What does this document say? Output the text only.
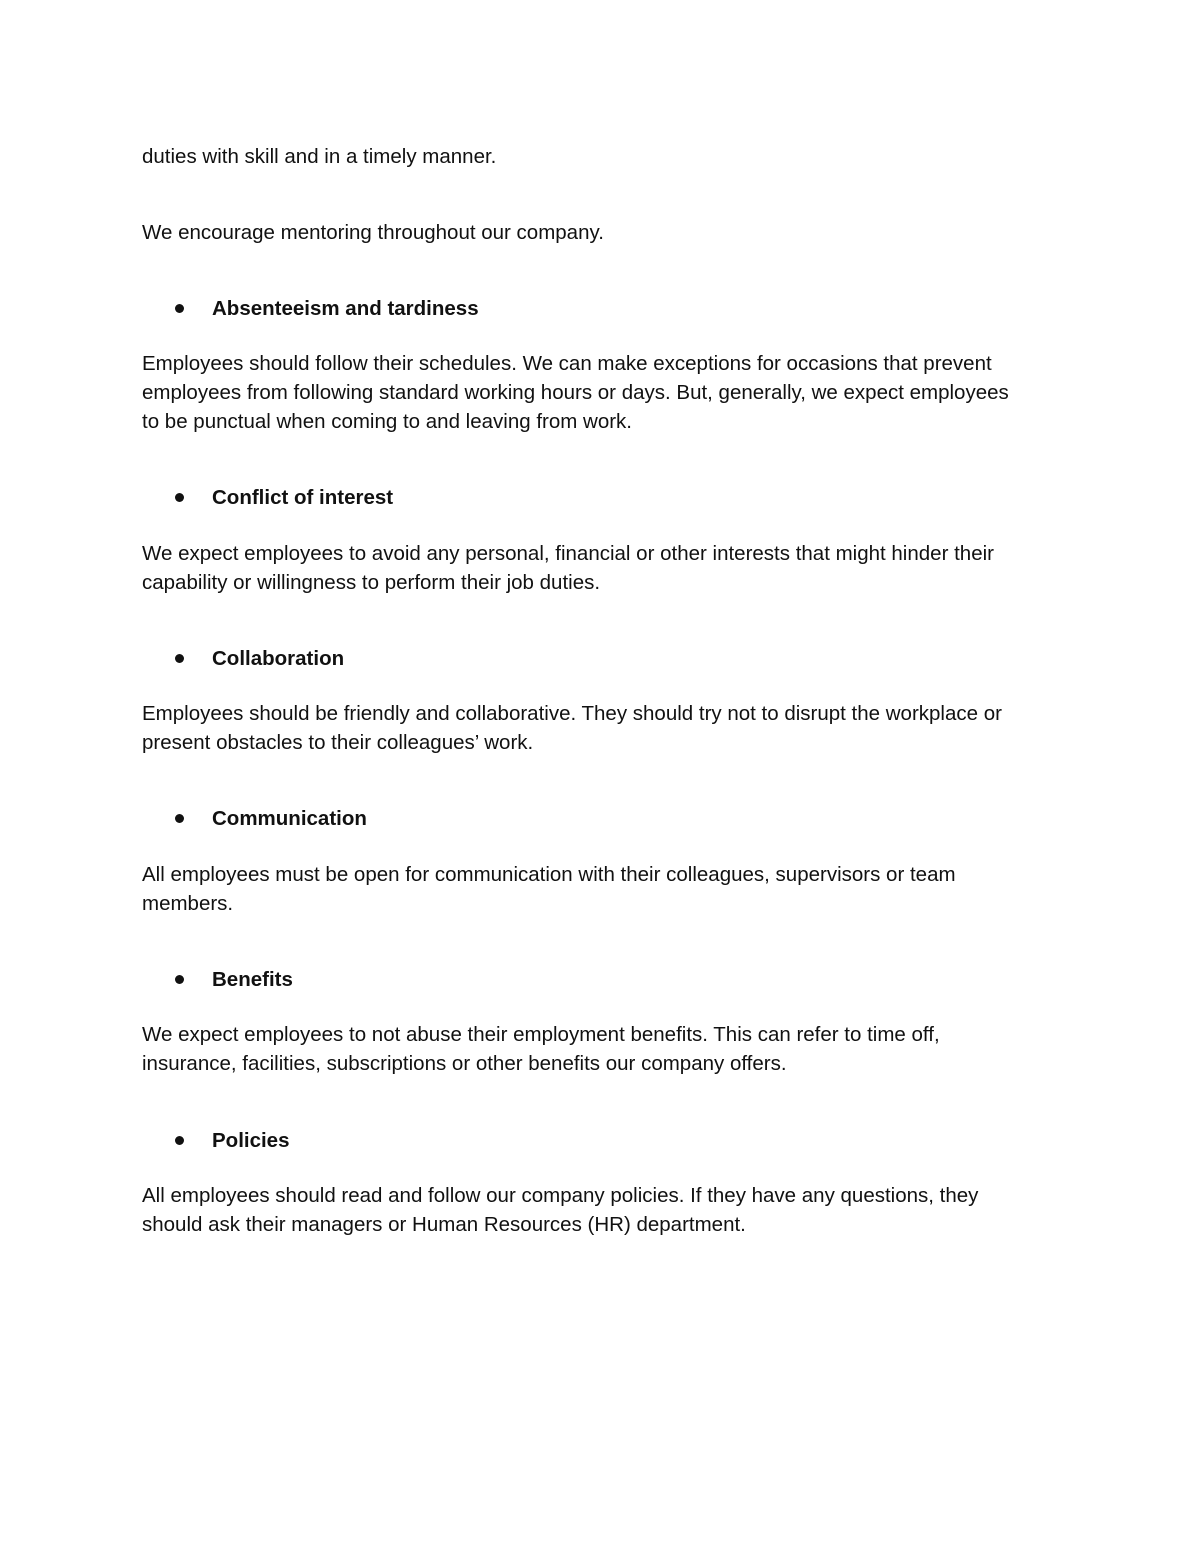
duties with skill and in a timely manner.

We encourage mentoring throughout our company.

Absenteeism and tardiness

Employees should follow their schedules. We can make exceptions for occasions that prevent
employees from following standard working hours or days. But, generally, we expect employees
to be punctual when coming to and leaving from work.

Conflict of interest

We expect employees to avoid any personal, financial or other interests that might hinder their
capability or willingness to perform their job duties.

Collaboration

Employees should be friendly and collaborative. They should try not to disrupt the workplace or
present obstacles to their colleagues’ work.

Communication

All employees must be open for communication with their colleagues, supervisors or team
members.

Benefits

We expect employees to not abuse their employment benefits. This can refer to time off,
insurance, facilities, subscriptions or other benefits our company offers.

Policies

All employees should read and follow our company policies. If they have any questions, they
should ask their managers or Human Resources (HR) department.
